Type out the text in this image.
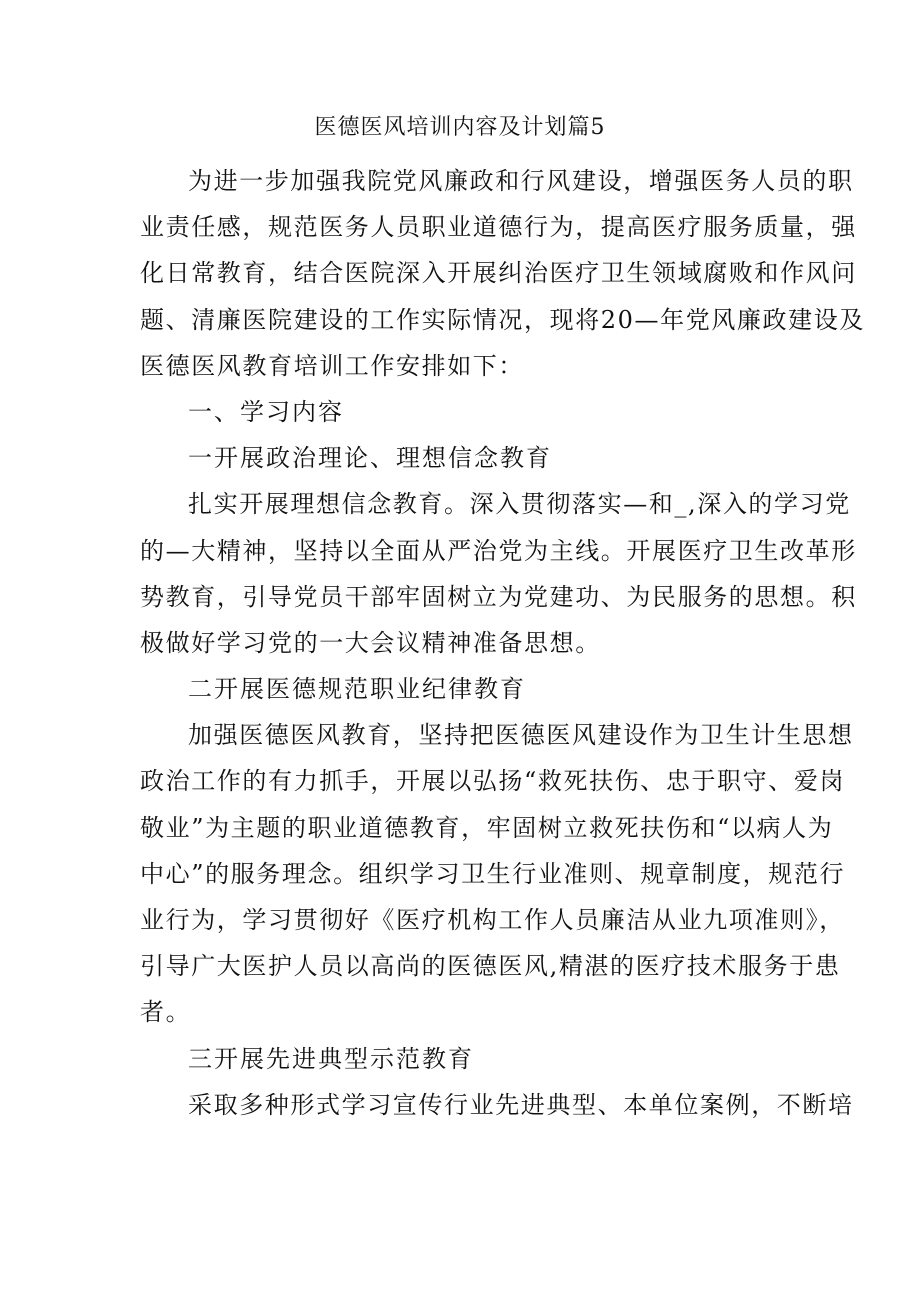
医德医风培训内容及计划篇5
为进一步加强我院党风廉政和行风建设，增强医务人员的职
业责任感，规范医务人员职业道德行为，提高医疗服务质量，强
化日常教育，结合医院深入开展纠治医疗卫生领域腐败和作风问
题、清廉医院建设的工作实际情况，现将20—年党风廉政建设及
医德医风教育培训工作安排如下：
一、学习内容
一开展政治理论、理想信念教育
扎实开展理想信念教育。深入贯彻落实—和_,深入的学习党
的—大精神，坚持以全面从严治党为主线。开展医疗卫生改革形
势教育，引导党员干部牢固树立为党建功、为民服务的思想。积
极做好学习党的一大会议精神准备思想。
二开展医德规范职业纪律教育
加强医德医风教育，坚持把医德医风建设作为卫生计生思想
政治工作的有力抓手，开展以弘扬“救死扶伤、忠于职守、爱岗
敬业”为主题的职业道德教育，牢固树立救死扶伤和“以病人为
中心”的服务理念。组织学习卫生行业准则、规章制度，规范行
业行为，学习贯彻好《医疗机构工作人员廉洁从业九项准则》，
引导广大医护人员以高尚的医德医风,精湛的医疗技术服务于患
者。
三开展先进典型示范教育
采取多种形式学习宣传行业先进典型、本单位案例，不断培
